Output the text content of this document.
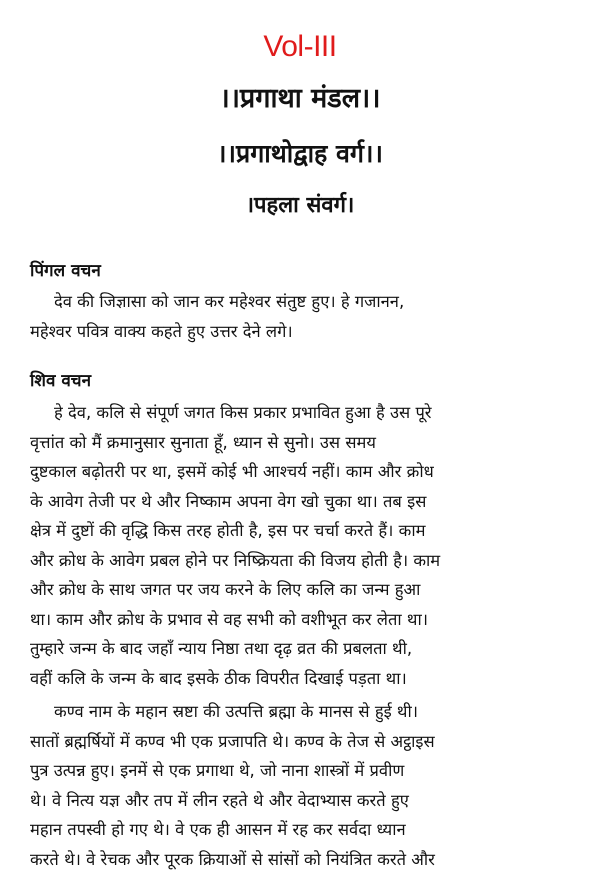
Vol-III
।।प्रगाथा मंडल।।
।।प्रगाथोद्वाह वर्ग।।
।पहला संवर्ग।
पिंगल वचन
देव की जिज्ञासा को जान कर महेश्वर संतुष्ट हुए। हे गजानन,
महेश्वर पवित्र वाक्य कहते हुए उत्तर देने लगे।
शिव वचन
हे देव, कलि से संपूर्ण जगत किस प्रकार प्रभावित हुआ है उस पूरे
वृत्तांत को मैं क्रमानुसार सुनाता हूँ, ध्यान से सुनो। उस समय
दुष्टकाल बढ़ोतरी पर था, इसमें कोई भी आश्चर्य नहीं। काम और क्रोध
के आवेग तेजी पर थे और निष्काम अपना वेग खो चुका था। तब इस
क्षेत्र में दुष्टों की वृद्धि किस तरह होती है, इस पर चर्चा करते हैं। काम
और क्रोध के आवेग प्रबल होने पर निष्क्रियता की विजय होती है। काम
और क्रोध के साथ जगत पर जय करने के लिए कलि का जन्म हुआ
था। काम और क्रोध के प्रभाव से वह सभी को वशीभूत कर लेता था।
तुम्हारे जन्म के बाद जहाँ न्याय निष्ठा तथा दृढ़ व्रत की प्रबलता थी,
वहीं कलि के जन्म के बाद इसके ठीक विपरीत दिखाई पड़ता था।
कण्व नाम के महान स्रष्टा की उत्पत्ति ब्रह्मा के मानस से हुई थी।
सातों ब्रह्मर्षियों में कण्व भी एक प्रजापति थे। कण्व के तेज से अट्ठाइस
पुत्र उत्पन्न हुए। इनमें से एक प्रगाथा थे, जो नाना शास्त्रों में प्रवीण
थे। वे नित्य यज्ञ और तप में लीन रहते थे और वेदाभ्यास करते हुए
महान तपस्वी हो गए थे। वे एक ही आसन में रह कर सर्वदा ध्यान
करते थे। वे रेचक और पूरक क्रियाओं से सांसों को नियंत्रित करते और
